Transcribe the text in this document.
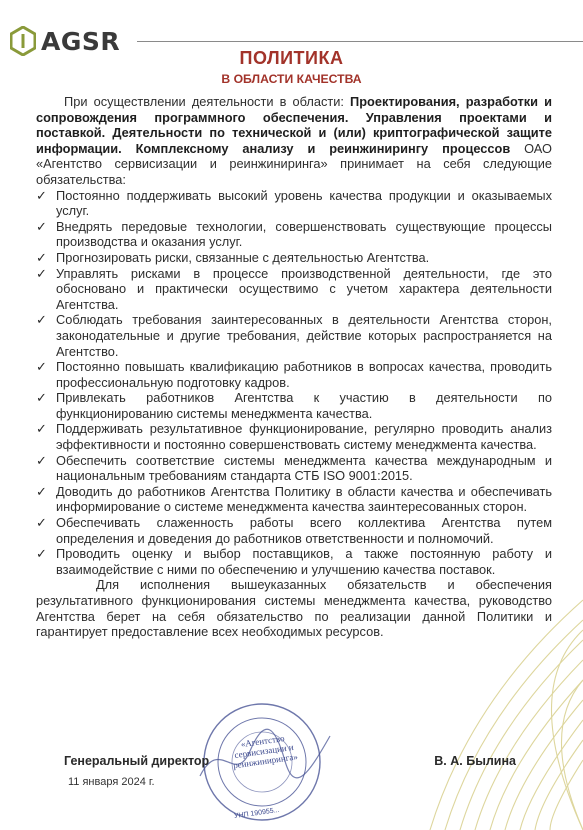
AGSR
ПОЛИТИКА
В ОБЛАСТИ КАЧЕСТВА

При осуществлении деятельности в области: Проектирования, разработки и сопровождения программного обеспечения. Управления проектами и поставкой. Деятельности по технической и (или) криптографической защите информации. Комплексному анализу и реинжинирингу процессов ОАО «Агентство сервисизации и реинжиниринга» принимает на себя следующие обязательства:

✓ Постоянно поддерживать высокий уровень качества продукции и оказываемых услуг.
✓ Внедрять передовые технологии, совершенствовать существующие процессы производства и оказания услуг.
✓ Прогнозировать риски, связанные с деятельностью Агентства.
✓ Управлять рисками в процессе производственной деятельности, где это обосновано и практически осуществимо с учетом характера деятельности Агентства.
✓ Соблюдать требования заинтересованных в деятельности Агентства сторон, законодательные и другие требования, действие которых распространяется на Агентство.
✓ Постоянно повышать квалификацию работников в вопросах качества, проводить профессиональную подготовку кадров.
✓ Привлекать работников Агентства к участию в деятельности по функционированию системы менеджмента качества.
✓ Поддерживать результативное функционирование, регулярно проводить анализ эффективности и постоянно совершенствовать систему менеджмента качества.
✓ Обеспечить соответствие системы менеджмента качества международным и национальным требованиям стандарта СТБ ISO 9001:2015.
✓ Доводить до работников Агентства Политику в области качества и обеспечивать информирование о системе менеджмента качества заинтересованных сторон.
✓ Обеспечивать слаженность работы всего коллектива Агентства путем определения и доведения до работников ответственности и полномочий.
✓ Проводить оценку и выбор поставщиков, а также постоянную работу и взаимодействие с ними по обеспечению и улучшению качества поставок.

Для исполнения вышеуказанных обязательств и обеспечения результативного функционирования системы менеджмента качества, руководство Агентства берет на себя обязательство по реализации данной Политики и гарантирует предоставление всех необходимых ресурсов.

«Агентство сервисизации и реинжиниринга»
УНП 190955...
Генеральный директор	В. А. Былина
11 января 2024 г.
